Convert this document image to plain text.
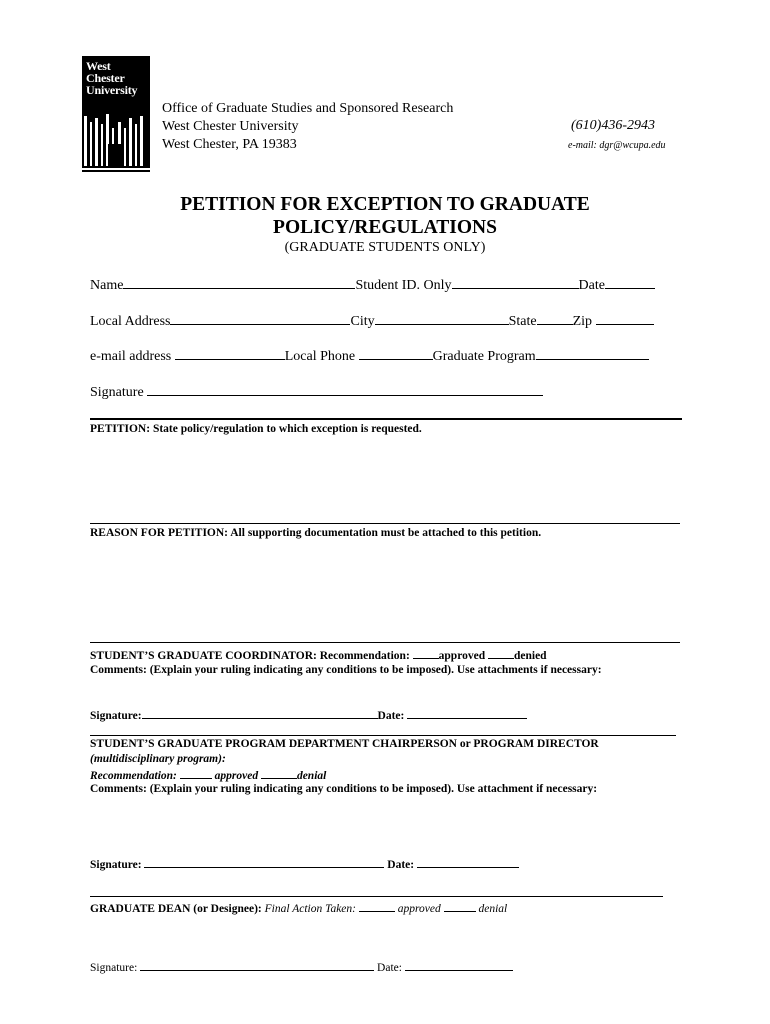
West
Chester
University
Office of Graduate Studies and Sponsored Research
West Chester University
West Chester, PA 19383
(610)436-2943
e-mail: dgr@wcupa.edu
PETITION FOR EXCEPTION TO GRADUATE
POLICY/REGULATIONS
(GRADUATE STUDENTS ONLY)
Name	Student ID. Only	Date
Local Address	City	State	Zip
e-mail address	Local Phone	Graduate Program
Signature
PETITION: State policy/regulation to which exception is requested.
REASON FOR PETITION: All supporting documentation must be attached to this petition.
STUDENT’S GRADUATE COORDINATOR: Recommendation: approved denied
Comments: (Explain your ruling indicating any conditions to be imposed). Use attachments if necessary:
Signature:	Date:
STUDENT’S GRADUATE PROGRAM DEPARTMENT CHAIRPERSON or PROGRAM DIRECTOR
(multidisciplinary program):
Recommendation:	approved	denial
Comments: (Explain your ruling indicating any conditions to be imposed). Use attachment if necessary:
Signature:	Date:
GRADUATE DEAN (or Designee): Final Action Taken:	approved	denial
Signature:	Date:
